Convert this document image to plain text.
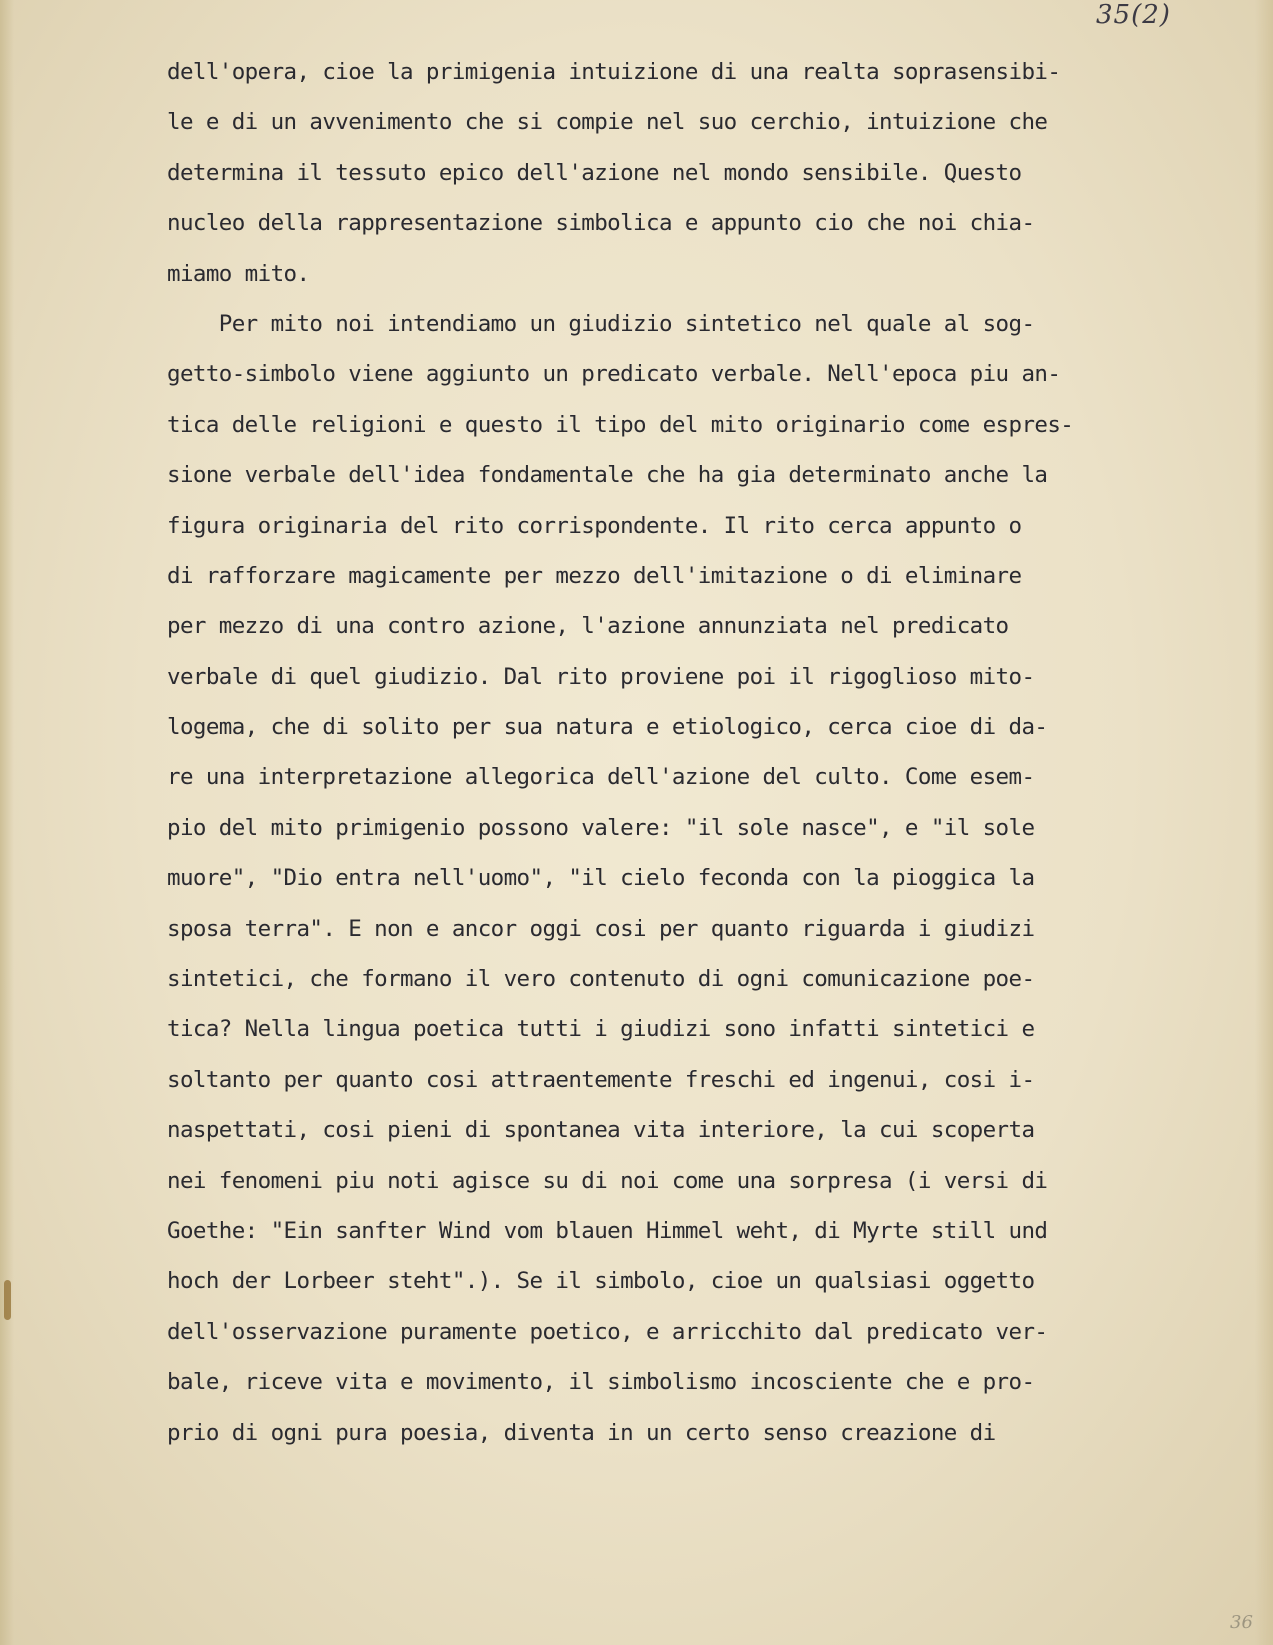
35(2)
dell'opera, cioe la primigenia intuizione di una realta soprasensibi-
le e di un avvenimento che si compie nel suo cerchio, intuizione che
determina il tessuto epico dell'azione nel mondo sensibile. Questo
nucleo della rappresentazione simbolica e appunto cio che noi chia-
miamo mito.
Per mito noi intendiamo un giudizio sintetico nel quale al sog-
getto-simbolo viene aggiunto un predicato verbale. Nell'epoca piu an-
tica delle religioni e questo il tipo del mito originario come espres-
sione verbale dell'idea fondamentale che ha gia determinato anche la
figura originaria del rito corrispondente. Il rito cerca appunto o
di rafforzare magicamente per mezzo dell'imitazione o di eliminare
per mezzo di una contro azione, l'azione annunziata nel predicato
verbale di quel giudizio. Dal rito proviene poi il rigoglioso mito-
logema, che di solito per sua natura e etiologico, cerca cioe di da-
re una interpretazione allegorica dell'azione del culto. Come esem-
pio del mito primigenio possono valere: "il sole nasce", e "il sole
muore", "Dio entra nell'uomo", "il cielo feconda con la pioggica la
sposa terra". E non e ancor oggi cosi per quanto riguarda i giudizi
sintetici, che formano il vero contenuto di ogni comunicazione poe-
tica? Nella lingua poetica tutti i giudizi sono infatti sintetici e
soltanto per quanto cosi attraentemente freschi ed ingenui, cosi i-
naspettati, cosi pieni di spontanea vita interiore, la cui scoperta
nei fenomeni piu noti agisce su di noi come una sorpresa (i versi di
Goethe: "Ein sanfter Wind vom blauen Himmel weht, di Myrte still und
hoch der Lorbeer steht".). Se il simbolo, cioe un qualsiasi oggetto
dell'osservazione puramente poetico, e arricchito dal predicato ver-
bale, riceve vita e movimento, il simbolismo incosciente che e pro-
prio di ogni pura poesia, diventa in un certo senso creazione di
36
